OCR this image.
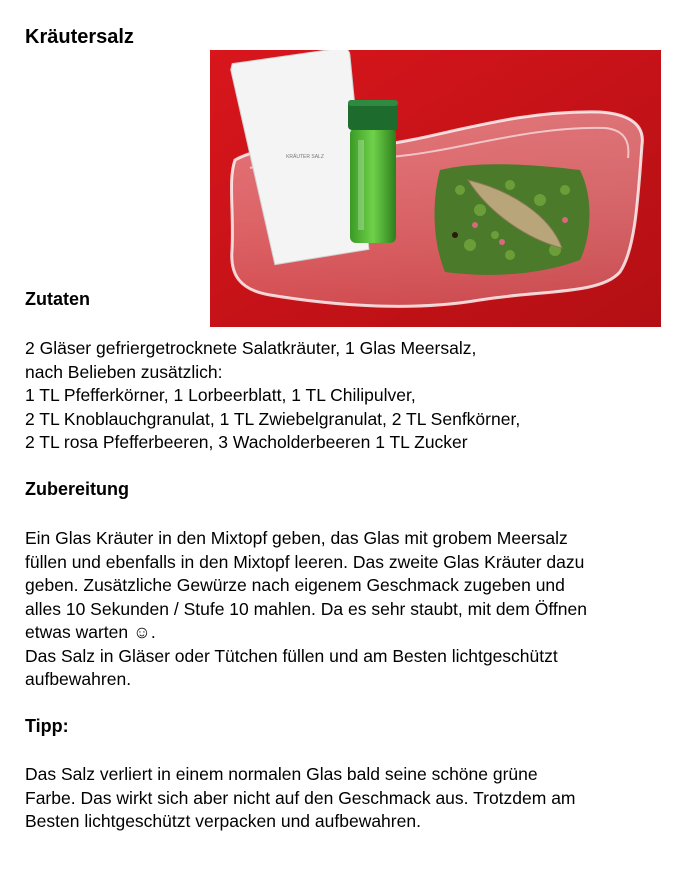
Kräutersalz
KRÄUTER SALZ
Zutaten

2 Gläser gefriergetrocknete Salatkräuter, 1 Glas Meersalz,
nach Belieben zusätzlich:
1 TL Pfefferkörner, 1 Lorbeerblatt, 1 TL Chilipulver,
2 TL Knoblauchgranulat, 1 TL Zwiebelgranulat, 2 TL Senfkörner,
2 TL rosa Pfefferbeeren, 3 Wacholderbeeren 1 TL Zucker

Zubereitung

Ein Glas Kräuter in den Mixtopf geben, das Glas mit grobem Meersalz
füllen und ebenfalls in den Mixtopf leeren. Das zweite Glas Kräuter dazu
geben. Zusätzliche Gewürze nach eigenem Geschmack zugeben und
alles 10 Sekunden / Stufe 10 mahlen. Da es sehr staubt, mit dem Öffnen
etwas warten ☺.
Das Salz in Gläser oder Tütchen füllen und am Besten lichtgeschützt
aufbewahren.

Tipp:

Das Salz verliert in einem normalen Glas bald seine schöne grüne
Farbe. Das wirkt sich aber nicht auf den Geschmack aus. Trotzdem am
Besten lichtgeschützt verpacken und aufbewahren.
